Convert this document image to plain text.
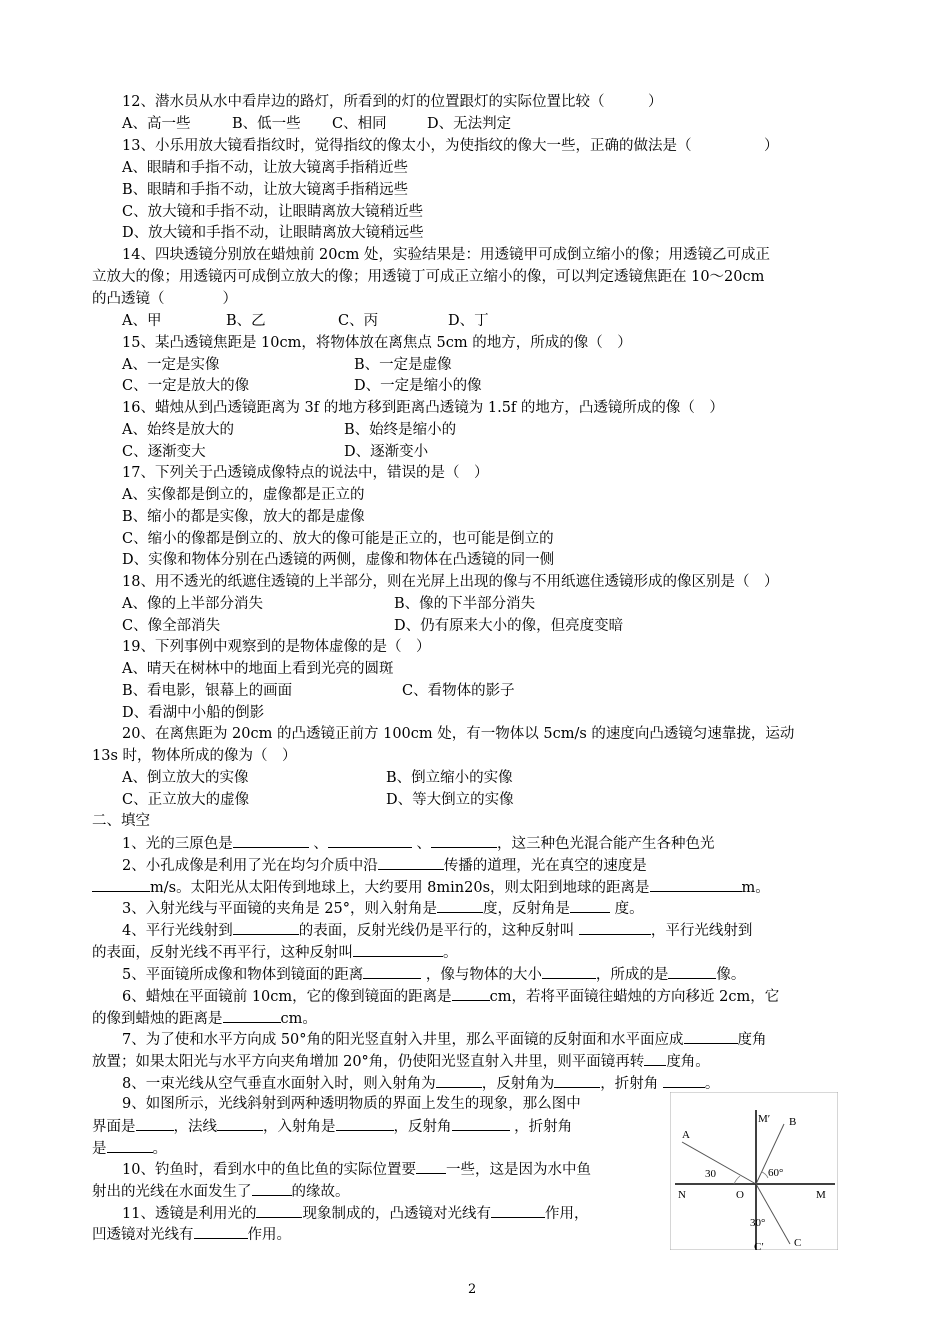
12、潜水员从水中看岸边的路灯，所看到的灯的位置跟灯的实际位置比较（　　　）
A、高一些	B、低一些 C、相同	D、无法判定
13、小乐用放大镜看指纹时，觉得指纹的像太小，为使指纹的像大一些，正确的做法是（　　　　　）
A、眼睛和手指不动，让放大镜离手指稍近些
B、眼睛和手指不动，让放大镜离手指稍远些
C、放大镜和手指不动，让眼睛离放大镜稍近些
D、放大镜和手指不动，让眼睛离放大镜稍远些
14、四块透镜分别放在蜡烛前 20cm 处，实验结果是：用透镜甲可成倒立缩小的像；用透镜乙可成正
立放大的像；用透镜丙可成倒立放大的像；用透镜丁可成正立缩小的像，可以判定透镜焦距在 10～20cm
的凸透镜（　　　　）
A、甲	B、乙	C、丙	D、丁
15、某凸透镜焦距是 10cm，将物体放在离焦点 5cm 的地方，所成的像（　）
A、一定是实像	B、一定是虚像
C、一定是放大的像	D、一定是缩小的像
16、蜡烛从到凸透镜距离为 3f 的地方移到距离凸透镜为 1.5f 的地方，凸透镜所成的像（　）
A、始终是放大的	B、始终是缩小的
C、逐渐变大	D、逐渐变小
17、下列关于凸透镜成像特点的说法中，错误的是（　）
A、实像都是倒立的，虚像都是正立的
B、缩小的都是实像，放大的都是虚像
C、缩小的像都是倒立的、放大的像可能是正立的，也可能是倒立的
D、实像和物体分别在凸透镜的两侧，虚像和物体在凸透镜的同一侧
18、用不透光的纸遮住透镜的上半部分，则在光屏上出现的像与不用纸遮住透镜形成的像区别是（　）
A、像的上半部分消失	B、像的下半部分消失
C、像全部消失	D、仍有原来大小的像，但亮度变暗
19、下列事例中观察到的是物体虚像的是（　）
A、晴天在树林中的地面上看到光亮的圆斑
B、看电影，银幕上的画面	C、看物体的影子
D、看湖中小船的倒影
20、在离焦距为 20cm 的凸透镜正前方 100cm 处，有一物体以 5cm/s 的速度向凸透镜匀速靠拢，运动
13s 时，物体所成的像为（　）
A、倒立放大的实像	B、倒立缩小的实像
C、正立放大的虚像	D、等大倒立的实像
二、填空
1、光的三原色是	、	、	，这三种色光混合能产生各种色光
2、小孔成像是利用了光在均匀介质中沿	传播的道理，光在真空的速度是
m/s。太阳光从太阳传到地球上，大约要用 8min20s，则太阳到地球的距离是	m。
3、入射光线与平面镜的夹角是 25°，则入射角是	度，反射角是	度。
4、平行光线射到	的表面，反射光线仍是平行的，这种反射叫	，平行光线射到
的表面，反射光线不再平行，这种反射叫	。
5、平面镜所成像和物体到镜面的距离	，像与物体的大小	，所成的是	像。
6、蜡烛在平面镜前 10cm，它的像到镜面的距离是	cm，若将平面镜往蜡烛的方向移近 2cm，它
的像到蜡烛的距离是	cm。
7、为了使和水平方向成 50°角的阳光竖直射入井里，那么平面镜的反射面和水平面应成	度角
放置；如果太阳光与水平方向夹角增加 20°角，仍使阳光竖直射入井里，则平面镜再转 度角。
8、一束光线从空气垂直水面射入时，则入射角为	，反射角为	，折射角	。
9、如图所示，光线斜射到两种透明物质的界面上发生的现象，那么图中
界面是	，法线	，入射角是	，反射角	，折射角
是	。
10、钓鱼时，看到水中的鱼比鱼的实际位置要 一些，这是因为水中鱼
射出的光线在水面发生了	的缘故。
11、透镜是利用光的	现象制成的，凸透镜对光线有	作用，
凹透镜对光线有	作用。
A
M′ B
30	60°
N	O	M
30°
C
C′
2
